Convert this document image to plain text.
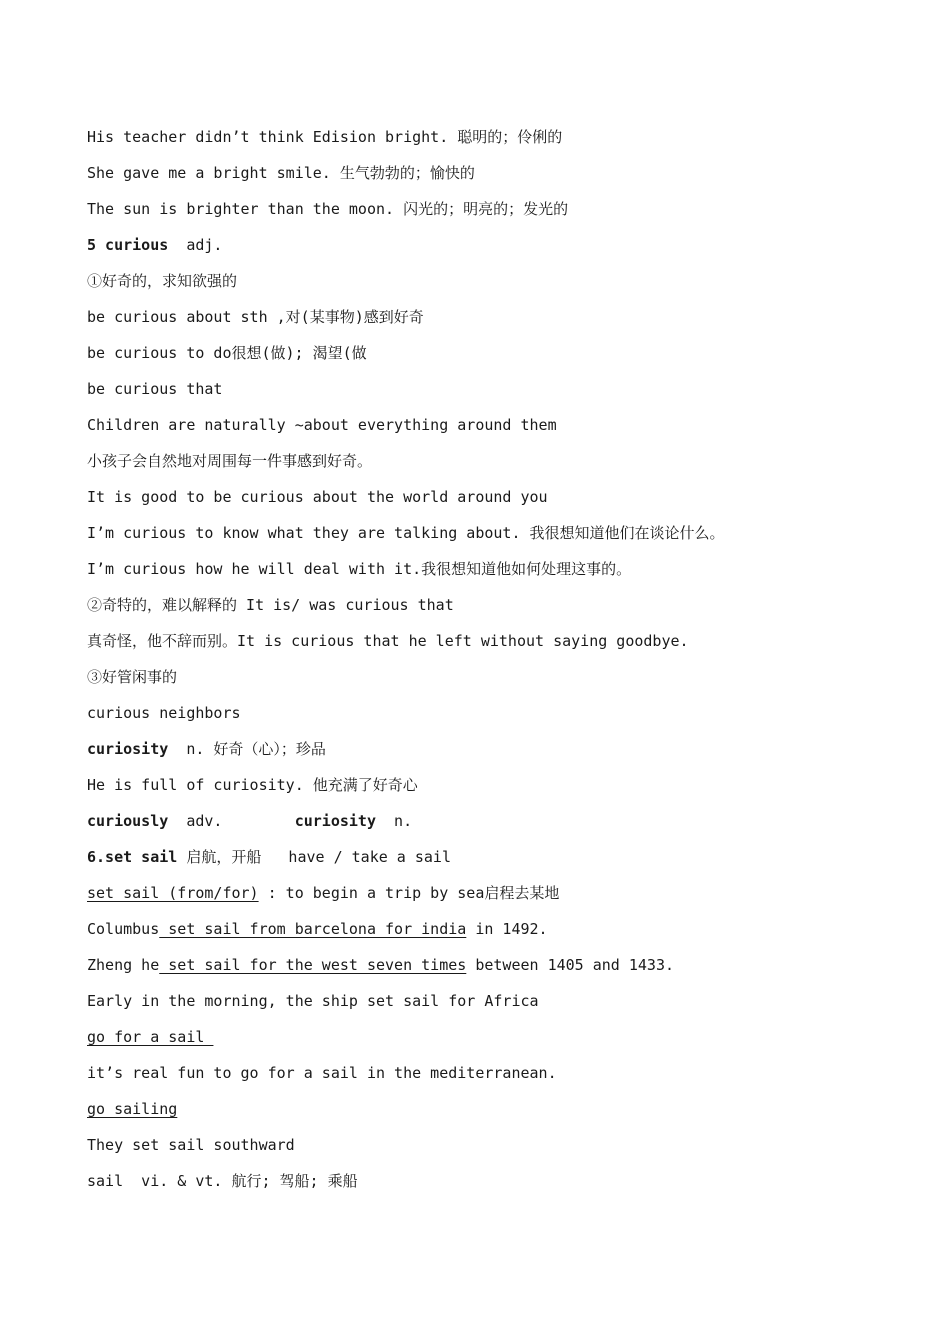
His teacher didn’t think Edision bright. 聪明的；伶俐的
She gave me a bright smile. 生气勃勃的；愉快的
The sun is brighter than the moon. 闪光的；明亮的；发光的
5 curious  adj.
①好奇的，求知欲强的
be curious about sth ,对(某事物)感到好奇
be curious to do很想(做); 渴望(做
be curious that
Children are naturally ~about everything around them
小孩子会自然地对周围每一件事感到好奇。
It is good to be curious about the world around you
I’m curious to know what they are talking about. 我很想知道他们在谈论什么。
I’m curious how he will deal with it.我很想知道他如何处理这事的。
②奇特的，难以解释的 It is/ was curious that
真奇怪，他不辞而别。It is curious that he left without saying goodbye.
③好管闲事的
curious neighbors
curiosity  n. 好奇（心）；珍品
He is full of curiosity. 他充满了好奇心
curiously  adv.        curiosity  n.
6.set sail 启航，开船   have / take a sail
set sail (from/for) : to begin a trip by sea启程去某地
Columbus set sail from barcelona for india in 1492.
Zheng he set sail for the west seven times between 1405 and 1433.
Early in the morning, the ship set sail for Africa
go for a sail
it’s real fun to go for a sail in the mediterranean.
go sailing
They set sail southward
sail  vi. & vt. 航行; 驾船; 乘船
